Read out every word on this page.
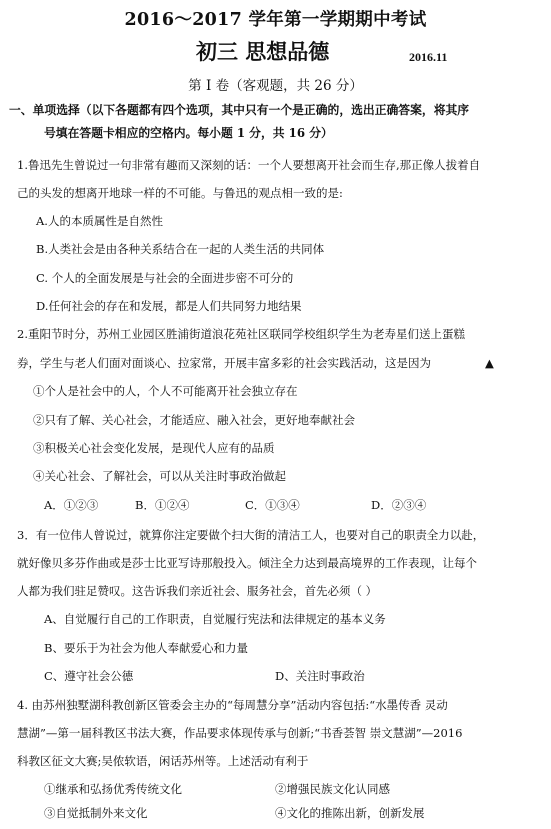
2016～2017 学年第一学期期中考试
初三 思想品德	2016.11
第 I 卷（客观题，共 26 分）
一、单项选择（以下各题都有四个选项，其中只有一个是正确的，选出正确答案，将其序
号填在答题卡相应的空格内。每小题 1 分，共 16 分）
1.鲁迅先生曾说过一句非常有趣而又深刻的话：一个人要想离开社会而生存,那正像人拔着自
己的头发的想离开地球一样的不可能。与鲁迅的观点相一致的是:
A.人的本质属性是自然性
B.人类社会是由各种关系结合在一起的人类生活的共同体
C. 个人的全面发展是与社会的全面进步密不可分的
D.任何社会的存在和发展，都是人们共同努力地结果
2.重阳节时分，苏州工业园区胜浦街道浪花苑社区联同学校组织学生为老寿星们送上蛋糕
券，学生与老人们面对面谈心、拉家常，开展丰富多彩的社会实践活动，这是因为	▲
①个人是社会中的人，个人不可能离开社会独立存在
②只有了解、关心社会，才能适应、融入社会，更好地奉献社会
③积极关心社会变化发展，是现代人应有的品质
④关心社会、了解社会，可以从关注时事政治做起
A．①②③	B．①②④	C．①③④	D．②③④
3．有一位伟人曾说过，就算你注定要做个扫大街的清洁工人，也要对自己的职责全力以赴，
就好像贝多芬作曲或是莎士比亚写诗那般投入。倾注全力达到最高境界的工作表现，让每个
人都为我们驻足赞叹。这告诉我们亲近社会、服务社会，首先必须（ ）
A、自觉履行自己的工作职责，自觉履行宪法和法律规定的基本义务
B、要乐于为社会为他人奉献爱心和力量
C、遵守社会公德	D、关注时事政治
4. 由苏州独墅湖科教创新区管委会主办的“每周慧分享”活动内容包括:“水墨传香 灵动
慧湖”—第一届科教区书法大赛，作品要求体现传承与创新;“书香荟智 崇文慧湖”—2016
科教区征文大赛;吴侬软语，闲话苏州等。上述活动有利于
①继承和弘扬优秀传统文化	②增强民族文化认同感
③自觉抵制外来文化	④文化的推陈出新，创新发展
